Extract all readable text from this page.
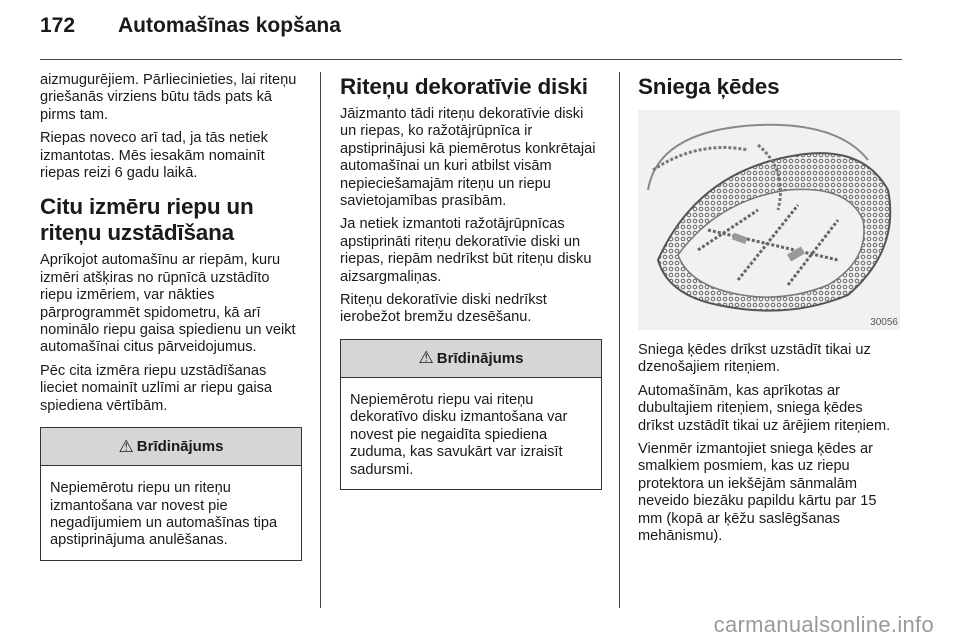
172 Automašīnas kopšana

aizmugurējiem. Pārliecinieties, lai riteņu griešanās virziens būtu tāds pats kā pirms tam.

Riepas noveco arī tad, ja tās netiek izmantotas. Mēs iesakām nomainīt riepas reizi 6 gadu laikā.

Citu izmēru riepu un riteņu uzstādīšana

Aprīkojot automašīnu ar riepām, kuru izmēri atšķiras no rūpnīcā uzstādīto riepu izmēriem, var nākties pārprogrammēt spidometru, kā arī nominālo riepu gaisa spiedienu un veikt automašīnai citus pārveidojumus.

Pēc cita izmēra riepu uzstādīšanas lieciet nomainīt uzlīmi ar riepu gaisa spiediena vērtībām.

⚠ Brīdinājums

Nepiemērotu riepu un riteņu izmantošana var novest pie negadījumiem un automašīnas tipa apstiprinājuma anulēšanas.

Riteņu dekoratīvie diski

Jāizmanto tādi riteņu dekoratīvie diski un riepas, ko ražotājrūpnīca ir apstiprinājusi kā piemērotus konkrētajai automašīnai un kuri atbilst visām nepieciešamajām riteņu un riepu savietojamības prasībām.

Ja netiek izmantoti ražotājrūpnīcas apstiprināti riteņu dekoratīvie diski un riepas, riepām nedrīkst būt riteņu disku aizsargmaliņas.

Riteņu dekoratīvie diski nedrīkst ierobežot bremžu dzesēšanu.

⚠ Brīdinājums

Nepiemērotu riepu vai riteņu dekoratīvo disku izmantošana var novest pie negaidīta spiediena zuduma, kas savukārt var izraisīt sadursmi.

Sniega ķēdes
30056

Sniega ķēdes drīkst uzstādīt tikai uz dzenošajiem riteņiem.

Automašīnām, kas aprīkotas ar dubultajiem riteņiem, sniega ķēdes drīkst uzstādīt tikai uz ārējiem riteņiem.

Vienmēr izmantojiet sniega ķēdes ar smalkiem posmiem, kas uz riepu protektora un iekšējām sānmalām neveido biezāku papildu kārtu par 15 mm (kopā ar ķēžu saslēgšanas mehānismu).

carmanualsonline.info
